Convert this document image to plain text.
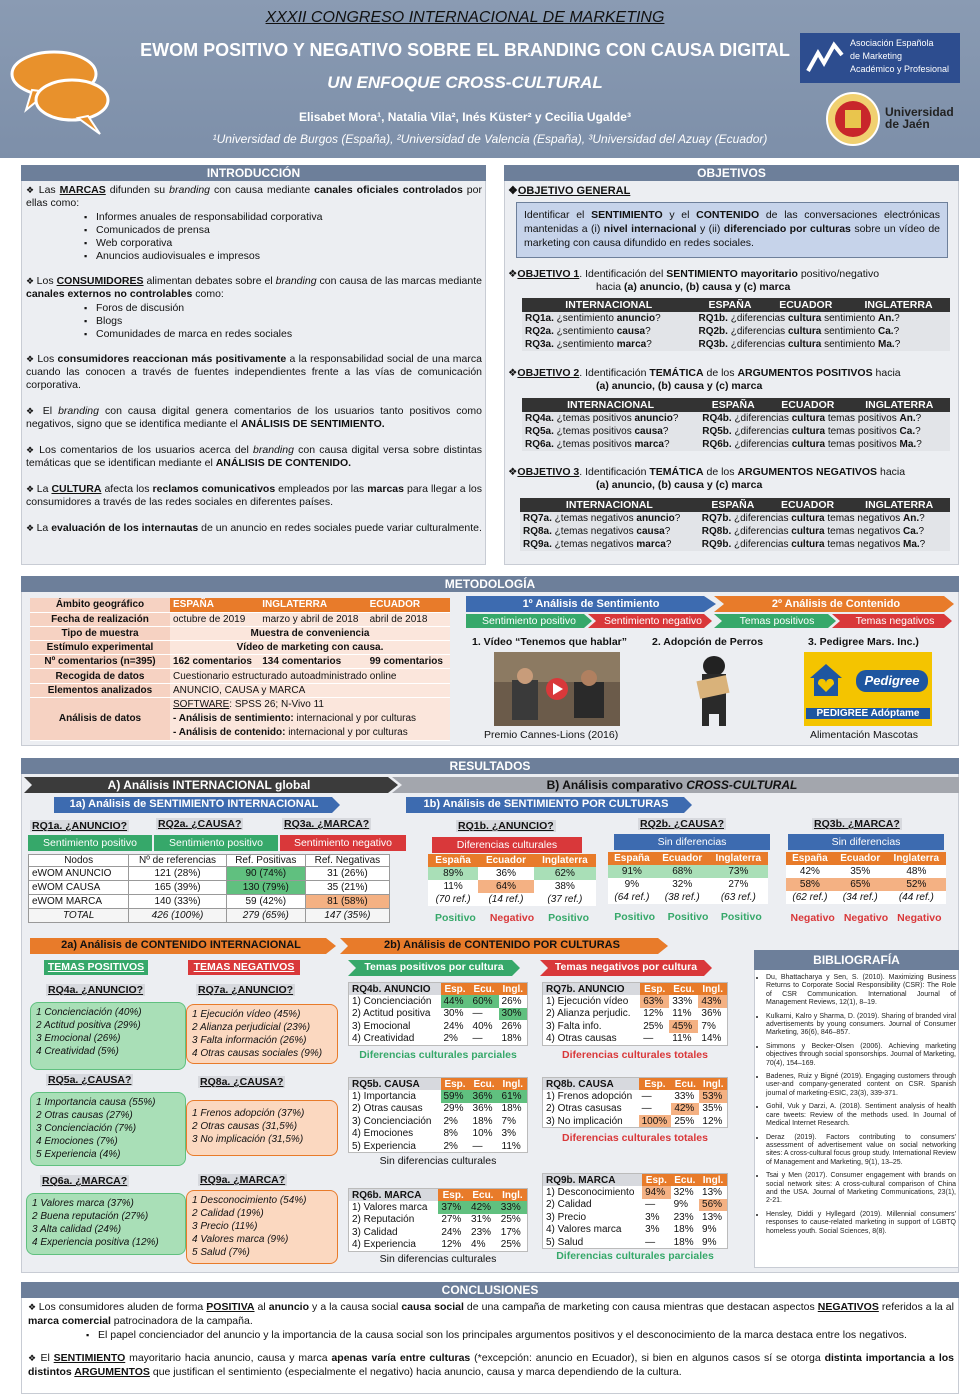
XXXII CONGRESO INTERNACIONAL DE MARKETING
EWOM POSITIVO Y NEGATIVO SOBRE EL BRANDING CON CAUSA DIGITAL
UN ENFOQUE CROSS-CULTURAL
Elisabet Mora¹, Natalia Vila², Inés Küster² y Cecilia Ugalde³
¹Universidad de Burgos (España), ²Universidad de Valencia (España), ³Universidad del Azuay (Ecuador)
Asociación Española
de Marketing
Académico y Profesional
Universidad
de Jaén
INTRODUCCIÓN

❖ Las MARCAS difunden su branding con causa mediante canales oficiales controlados por ellas como:

▪ Informes anuales de responsabilidad corporativa
▪ Comunicados de prensa
▪ Web corporativa
▪ Anuncios audiovisuales e impresos

❖ Los CONSUMIDORES alimentan debates sobre el branding con causa de las marcas mediante canales externos no controlables como:

▪ Foros de discusión
▪ Blogs
▪ Comunidades de marca en redes sociales

❖ Los consumidores reaccionan más positivamente a la responsabilidad social de una marca cuando las conocen a través de fuentes independientes frente a las vías de comunicación corporativa.

❖ El branding con causa digital genera comentarios de los usuarios tanto positivos como negativos, signo que se identifica mediante el ANÁLISIS DE SENTIMIENTO.

❖ Los comentarios de los usuarios acerca del branding con causa digital versa sobre distintas temáticas que se identifican mediante el ANÁLISIS DE CONTENIDO.

❖ La CULTURA afecta los reclamos comunicativos empleados por las marcas para llegar a los consumidores a través de las redes sociales en diferentes países.

❖ La evaluación de los internautas de un anuncio en redes sociales puede variar culturalmente.

OBJETIVOS
❖OBJETIVO GENERAL
Identificar el SENTIMIENTO y el CONTENIDO de las conversaciones electrónicas mantenidas a (i) nivel internacional y (ii) diferenciado por culturas sobre un vídeo de marketing con causa difundido en redes sociales.
❖OBJETIVO 1. Identificación del SENTIMIENTO mayoritario positivo/negativo
hacia (a) anuncio, (b) causa y (c) marca
INTERNACIONAL	ESPAÑA	ECUADOR	INGLATERRA
RQ1a. ¿sentimiento anuncio?	RQ1b. ¿diferencias cultura sentimiento An.?		
RQ2a. ¿sentimiento causa?	RQ2b. ¿diferencias cultura sentimiento Ca.?		
RQ3a. ¿sentimiento marca?	RQ3b. ¿diferencias cultura sentimiento Ma.?		
❖OBJETIVO 2. Identificación TEMÁTICA de los ARGUMENTOS POSITIVOS hacia
(a) anuncio, (b) causa y (c) marca
INTERNACIONAL	ESPAÑA	ECUADOR	INGLATERRA
RQ4a. ¿temas positivos anuncio?	RQ4b. ¿diferencias cultura temas positivos An.?		
RQ5a. ¿temas positivos causa?	RQ5b. ¿diferencias cultura temas positivos Ca.?		
RQ6a. ¿temas positivos marca?	RQ6b. ¿diferencias cultura temas positivos Ma.?		
❖OBJETIVO 3. Identificación TEMÁTICA de los ARGUMENTOS NEGATIVOS hacia
(a) anuncio, (b) causa y (c) marca
INTERNACIONAL	ESPAÑA	ECUADOR	INGLATERRA
RQ7a. ¿temas negativos anuncio?	RQ7b. ¿diferencias cultura temas negativos An.?		
RQ8a. ¿temas negativos causa?	RQ8b. ¿diferencias cultura temas negativos Ca.?		
RQ9a. ¿temas negativos marca?	RQ9b. ¿diferencias cultura temas negativos Ma.?		
METODOLOGÍA
Ámbito geográfico	ESPAÑA	INGLATERRA	ECUADOR
Fecha de realización	octubre de 2019	marzo y abril de 2018	abril de 2018
Tipo de muestra	Muestra de conveniencia		
Estímulo experimental	Vídeo de marketing con causa.		
Nº comentarios (n=395)	162 comentarios	134 comentarios	99 comentarios
Recogida de datos	Cuestionario estructurado autoadministrado online		
Elementos analizados	ANUNCIO, CAUSA y MARCA		
Análisis de datos	SOFTWARE: SPSS 26; N-Vivo 11
- Análisis de sentimiento: internacional y por culturas
- Análisis de contenido: internacional y por culturas		
1º Análisis de Sentimiento	2º Análisis de Contenido
Sentimiento positivo	Sentimiento negativo	Temas positivos	Temas negativos
1. Vídeo “Tenemos que hablar” 2. Adopción de Perros	3. Pedigree Mars. Inc.)
Pedigree
PEDIGREE Adóptame
Premio Cannes-Lions (2016)	Alimentación Mascotas
RESULTADOS
A) Análisis INTERNACIONAL global	B) Análisis comparativo CROSS-CULTURAL
1a) Análisis de SENTIMIENTO INTERNACIONAL	1b) Análisis de SENTIMIENTO POR CULTURAS
RQ1a. ¿ANUNCIO?	RQ2a. ¿CAUSA?	RQ3a. ¿MARCA?
Sentimiento positivo	Sentimiento positivo	Sentimiento negativo
Nodos	Nº de referencias	Ref. Positivas	Ref. Negativas
eWOM ANUNCIO	121 (28%)	90 (74%)	31 (26%)
eWOM CAUSA	165 (39%)	130 (79%)	35 (21%)
eWOM MARCA	140 (33%)	59 (42%)	81 (58%)
TOTAL	426 (100%)	279 (65%)	147 (35%)
RQ1b. ¿ANUNCIO?
Diferencias culturales
RQ2b. ¿CAUSA?
Sin diferencias
RQ3b. ¿MARCA?
Sin diferencias
España	Ecuador	Inglaterra
89%	36%	62%
11%	64%	38%
(70 ref.)	(14 ref.)	(37 ref.)
Positivo Negativo Positivo
España	Ecuador	Inglaterra
91%	68%	73%
9%	32%	27%
(64 ref.)	(38 ref.)	(63 ref.)
Positivo Positivo Positivo
España	Ecuador	Inglaterra
42%	35%	48%
58%	65%	52%
(62 ref.)	(34 ref.)	(44 ref.)
Negativo Negativo Negativo
2a) Análisis de CONTENIDO INTERNACIONAL	2b) Análisis de CONTENIDO POR CULTURAS
TEMAS POSITIVOS	TEMAS NEGATIVOS
RQ4a. ¿ANUNCIO?
1 Concienciación (40%)
2 Actitud positiva (29%)
3 Emocional (26%)
4 Creatividad (5%)
RQ5a. ¿CAUSA?
1 Importancia causa (55%)
2 Otras causas (27%)
3 Concienciación (7%)
4 Emociones (7%)
5 Experiencia (4%)
RQ6a. ¿MARCA?
1 Valores marca (37%)
2 Buena reputación (27%)
3 Alta calidad (24%)
4 Experiencia positiva (12%)
RQ7a. ¿ANUNCIO?
1 Ejecución vídeo (45%)
2 Alianza perjudicial (23%)
3 Falta información (26%)
4 Otras causas sociales (9%)
RQ8a. ¿CAUSA?
1 Frenos adopción (37%)
2 Otras causas (31,5%)
3 No implicación (31,5%)
RQ9a. ¿MARCA?
1 Desconocimiento (54%)
2 Calidad (19%)
3 Precio (11%)
4 Valores marca (9%)
5 Salud (7%)
Temas positivos por cultura	Temas negativos por cultura
RQ4b. ANUNCIO	Esp.	Ecu.	Ingl.
1) Concienciación	44%	60%	26%
2) Actitud positiva	30%	—	30%
3) Emocional	24%	40%	26%
4) Creatividad	2%	—	18%
Diferencias culturales parciales
RQ5b. CAUSA	Esp.	Ecu.	Ingl.
1) Importancia	59%	36%	61%
2) Otras causas	29%	36%	18%
3) Concienciación	2%	18%	7%
4) Emociones	8%	10%	3%
5) Experiencia	2%	—	11%
Sin diferencias culturales
RQ6b. MARCA	Esp.	Ecu.	Ingl.
1) Valores marca	37%	42%	33%
2) Reputación	27%	31%	25%
3) Calidad	24%	23%	17%
4) Experiencia	12%	4%	25%
Sin diferencias culturales
RQ7b. ANUNCIO	Esp.	Ecu.	Ingl.
1) Ejecución vídeo	63%	33%	43%
2) Alianza perjudic.	12%	11%	36%
3) Falta info.	25%	45%	7%
4) Otras causas	—	11%	14%
Diferencias culturales totales
RQ8b. CAUSA	Esp.	Ecu.	Ingl.
1) Frenos adopción	—	33%	53%
2) Otras casusas	—	42%	35%
3) No implicación	100%	25%	12%
Diferencias culturales totales
RQ9b. MARCA	Esp.	Ecu.	Ingl.
1) Desconocimiento	94%	32%	13%
2) Calidad	—	9%	56%
3) Precio	3%	23%	13%
4) Valores marca	3%	18%	9%
5) Salud	—	18%	9%
Diferencias culturales parciales
BIBLIOGRAFÍA
• Du, Bhattacharya y Sen, S. (2010). Maximizing Business Returns to Corporate Social Responsibility (CSR): The Role of CSR Communication. International Journal of Management Reviews, 12(1), 8–19.
• Kulkarni, Kalro y Sharma, D. (2019). Sharing of branded viral advertisements by young consumers. Journal of Consumer Marketing, 36(6), 846–857.
• Simmons y Becker-Olsen (2006). Achieving marketing objectives through social sponsorships. Journal of Marketing, 70(4), 154–169.
• Badenes, Ruiz y Bigné (2019). Engaging customers through user-and company-generated content on CSR. Spanish journal of marketing-ESIC, 23(3), 339-371.
• Gohil, Vuk y Darzi, A. (2018). Sentiment analysis of health care tweets: Review of the methods used. In Journal of Medical Internet Research.
• Deraz (2019). Factors contributing to consumers' assessment of advertisement value on social networking sites: A cross-cultural focus group study. International Review of Management and Marketing, 9(1), 13–25.
• Tsai y Men (2017). Consumer engagement with brands on social network sites: A cross-cultural comparison of China and the USA. Journal of Marketing Communications, 23(1), 2-21.
• Hensley, Diddi y Hyllegard (2019). Millennial consumers' responses to cause-related marketing in support of LGBTQ homeless youth. Social Sciences, 8(8).
CONCLUSIONES

❖ Los consumidores aluden de forma POSITIVA al anuncio y a la causa social causa social de una campaña de marketing con causa mientras que destacan aspectos NEGATIVOS referidos a la al marca comercial patrocinadora de la campaña.

▪ El papel concienciador del anuncio y la importancia de la causa social son los principales argumentos positivos y el desconocimiento de la marca destaca entre los negativos.

❖ El SENTIMIENTO mayoritario hacia anuncio, causa y marca apenas varía entre culturas (*excepción: anuncio en Ecuador), si bien en algunos casos sí se otorga distinta importancia a los distintos ARGUMENTOS que justifican el sentimiento (especialmente el negativo) hacia anuncio, causa y marca dependiendo de la cultura.
